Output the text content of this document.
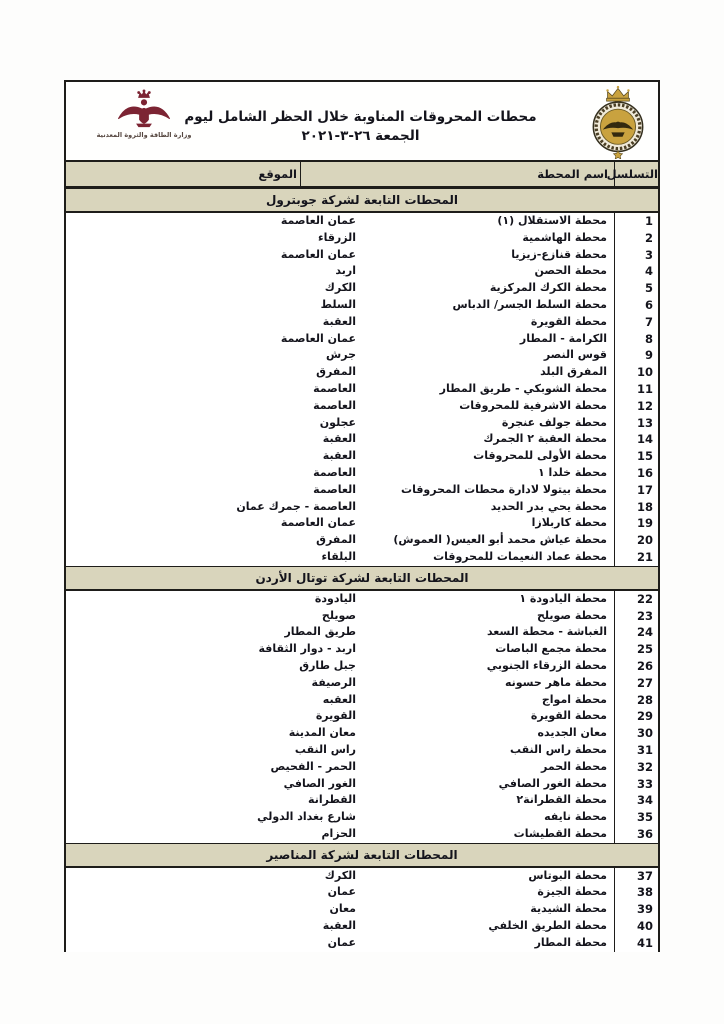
وزارة الطاقة والثروة المعدنية
محطات المحروقات المناوبة خلال الحظر الشامل ليوم الجمعة ٢٦-٣-٢٠٢١
التسلسل
اسم المحطة
الموقع
المحطات التابعة لشركة جوبترول
1
محطة الاستقلال (١)
عمان العاصمة
2
محطة الهاشمية
الزرقاء
3
محطة قنازع-زيزيا
عمان العاصمة
4
محطة الحصن
اربد
5
محطة الكرك المركزية
الكرك
6
محطة السلط الجسر/ الدباس
السلط
7
محطة القويرة
العقبة
8
الكرامة - المطار
عمان العاصمة
9
قوس النصر
جرش
10
المفرق البلد
المفرق
11
محطة الشوبكي - طريق المطار
العاصمة
12
محطة الاشرفية للمحروقات
العاصمة
13
محطة جولف عنجرة
عجلون
14
محطة العقبة ٢ الجمرك
العقبة
15
محطة الأولى للمحروقات
العقبة
16
محطة خلدا ١
العاصمة
17
محطة بيتولا لادارة محطات المحروقات
العاصمة
18
محطة يحي بدر الحديد
العاصمة - جمرك عمان
19
محطة كاربلازا
عمان العاصمة
20
محطة عياش محمد أبو العيس( العموش)
المفرق
21
محطة عماد النعيمات للمحروقات
البلقاء
المحطات التابعة لشركة توتال الأردن
22
محطة اليادودة ١
اليادودة
23
محطة صويلح
صويلح
24
الغباشة - محطة السعد
طريق المطار
25
محطة مجمع الباصات
اربد - دوار الثقافة
26
محطة الزرقاء الجنوبي
جبل طارق
27
محطة ماهر حسونه
الرصيفة
28
محطة امواج
العقبه
29
محطة القويرة
القويرة
30
معان الجديده
معان المدينة
31
محطة راس النقب
راس النقب
32
محطة الحمر
الحمر - الفحيص
33
محطة الغور الصافي
الغور الصافي
34
محطة القطرانة٢
القطرانة
35
محطة نايفه
شارع بغداد الدولي
36
محطة القطيشات
الحزام
المحطات التابعة لشركة المناصير
37
محطة البوتاس
الكرك
38
محطة الجيزة
عمان
39
محطة الشيدية
معان
40
محطة الطريق الخلفي
العقبة
41
محطة المطار
عمان
